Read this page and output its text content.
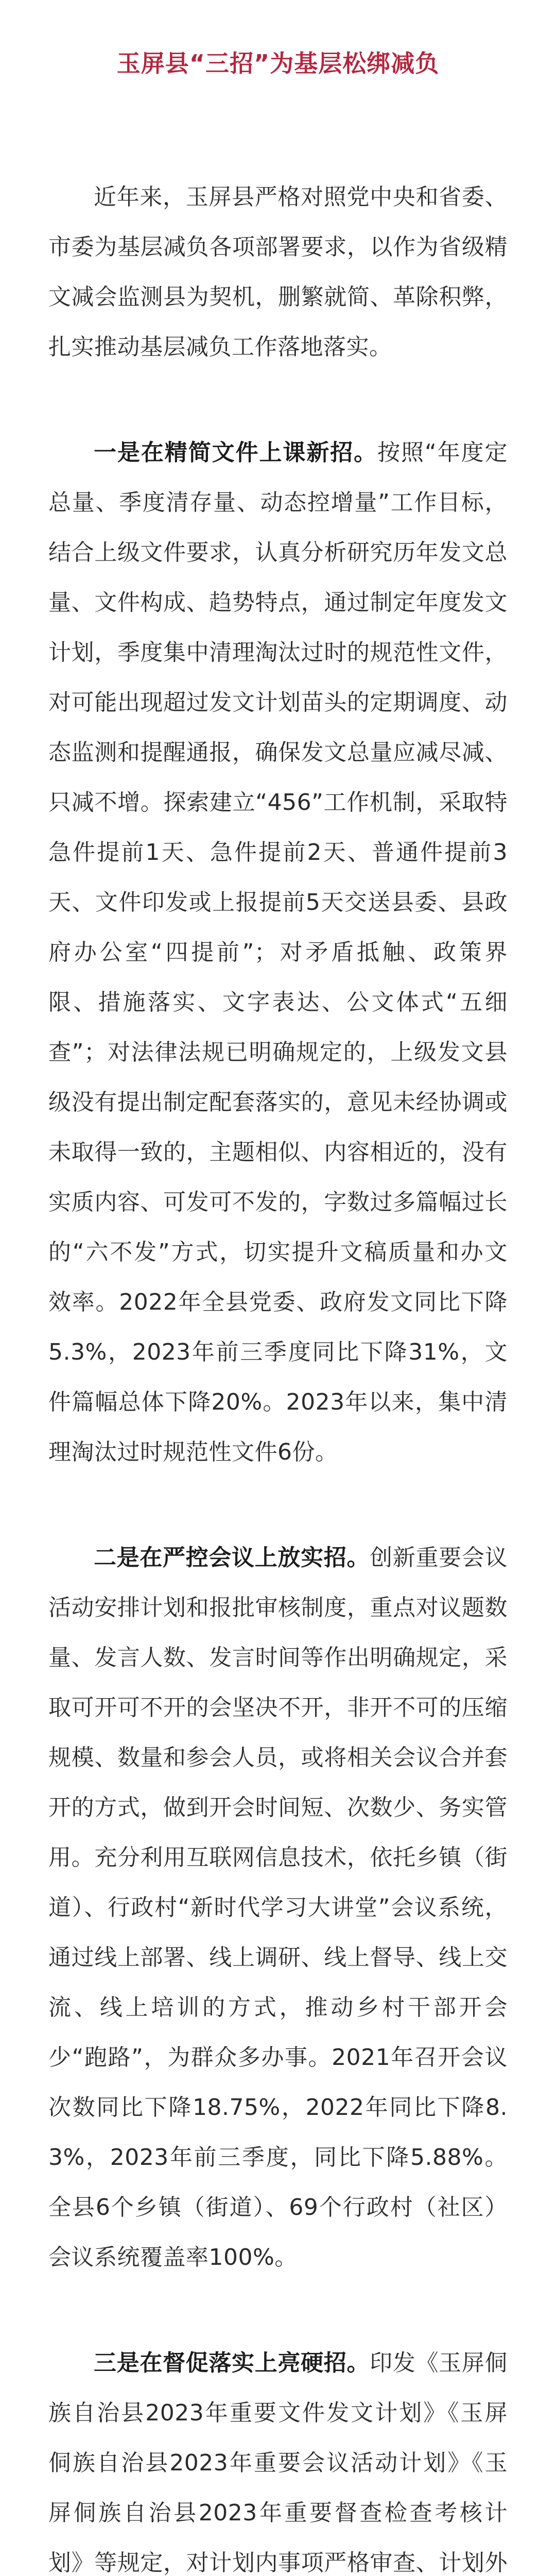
玉屏县“三招”为基层松绑减负

近年来，玉屏县严格对照党中央和省委、市委为基层减负各项部署要求，以作为省级精文减会监测县为契机，删繁就简、革除积弊，扎实推动基层减负工作落地落实。

一是在精简文件上课新招。按照“年度定总量、季度清存量、动态控增量”工作目标，结合上级文件要求，认真分析研究历年发文总量、文件构成、趋势特点，通过制定年度发文计划，季度集中清理淘汰过时的规范性文件，对可能出现超过发文计划苗头的定期调度、动态监测和提醒通报，确保发文总量应减尽减、只减不增。探索建立“456”工作机制，采取特急件提前1天、急件提前2天、普通件提前3天、文件印发或上报提前5天交送县委、县政府办公室“四提前”；对矛盾抵触、政策界限、措施落实、文字表达、公文体式“五细查”；对法律法规已明确规定的，上级发文县级没有提出制定配套落实的，意见未经协调或未取得一致的，主题相似、内容相近的，没有实质内容、可发可不发的，字数过多篇幅过长的“六不发”方式，切实提升文稿质量和办文效率。2022年全县党委、政府发文同比下降5.3%，2023年前三季度同比下降31%，文件篇幅总体下降20%。2023年以来，集中清理淘汰过时规范性文件6份。

二是在严控会议上放实招。创新重要会议活动安排计划和报批审核制度，重点对议题数量、发言人数、发言时间等作出明确规定，采取可开可不开的会坚决不开，非开不可的压缩规模、数量和参会人员，或将相关会议合并套开的方式，做到开会时间短、次数少、务实管用。充分利用互联网信息技术，依托乡镇（街道）、行政村“新时代学习大讲堂”会议系统，通过线上部署、线上调研、线上督导、线上交流、线上培训的方式，推动乡村干部开会少“跑路”，为群众多办事。2021年召开会议次数同比下降18.75%，2022年同比下降8.3%，2023年前三季度，同比下降5.88%。全县6个乡镇（街道）、69个行政村（社区）会议系统覆盖率100%。

三是在督促落实上亮硬招。印发《玉屏侗族自治县2023年重要文件发文计划》《玉屏侗族自治县2023年重要会议活动计划》《玉屏侗族自治县2023年重要督查检查考核计划》等规定，对计划内事项严格审查、计划外
